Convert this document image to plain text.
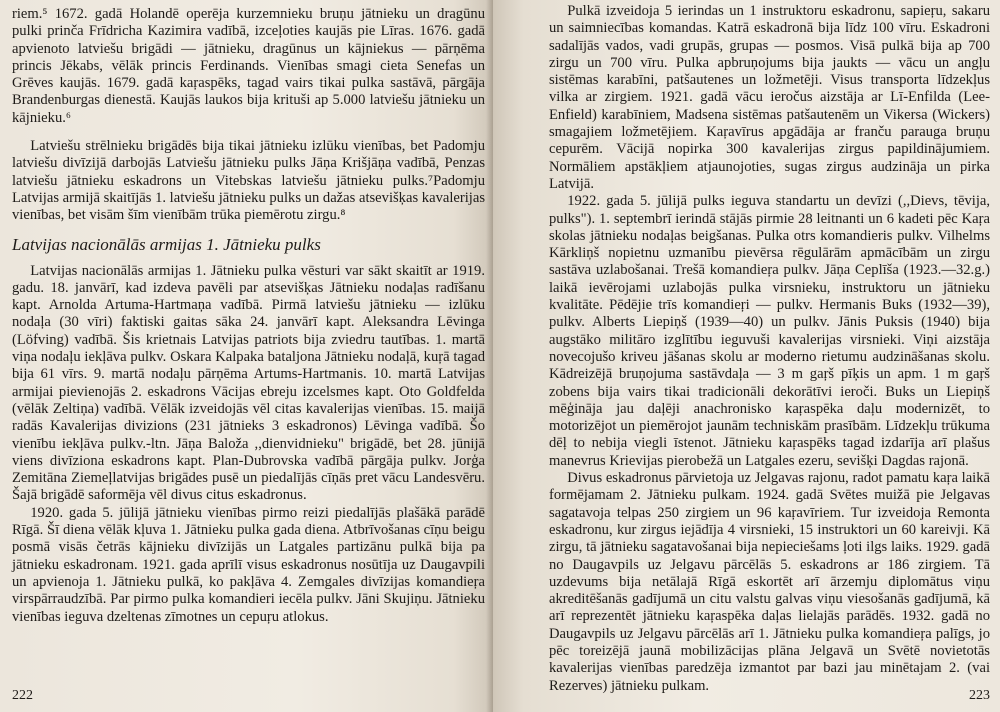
riem.⁵ 1672. gadā Holandē operēja kurzemnieku bruņu jātnieku un dragūnu pulki prinča Frīdricha Kazimira vadībā, izceļoties kaujās pie Līras. 1676. gadā apvienoto latviešu brigādi — jātnieku, dragūnus un kājniekus — pārņēma princis Jēkabs, vēlāk princis Ferdinands. Vienības smagi cieta Senefas un Grēves kaujās. 1679. gadā kaŗaspēks, tagad vairs tikai pulka sastāvā, pārgāja Brandenburgas dienestā. Kaujās laukos bija krituši ap 5.000 latviešu jātnieku un kājnieku.⁶

Latviešu strēlnieku brigādēs bija tikai jātnieku izlūku vienības, bet Padomju latviešu divīzijā darbojās Latviešu jātnieku pulks Jāņa Krišjāņa vadībā, Penzas latviešu jātnieku eskadrons un Vitebskas latviešu jātnieku pulks.⁷Padomju Latvijas armijā skaitījās 1. latviešu jātnieku pulks un dažas atsevišķas kavalerijas vienības, bet visām šīm vienībām trūka piemērotu zirgu.⁸

Latvijas nacionālās armijas 1. Jātnieku pulks

Latvijas nacionālās armijas 1. Jātnieku pulka vēsturi var sākt skaitīt ar 1919. gadu. 18. janvārī, kad izdeva pavēli par atsevišķas Jātnieku nodaļas radīšanu kapt. Arnolda Artuma-Hartmaņa vadībā. Pirmā latviešu jātnieku — izlūku nodaļa (30 vīri) faktiski gaitas sāka 24. janvārī kapt. Aleksandra Lēvinga (Löfving) vadībā. Šis krietnais Latvijas patriots bija zviedru tautības. 1. martā viņa nodaļu iekļāva pulkv. Oskara Kalpaka bataljona Jātnieku nodaļā, kuŗā tagad bija 61 vīrs. 9. martā nodaļu pārņēma Artums-Hartmanis. 10. martā Latvijas armijai pievienojās 2. eskadrons Vācijas ebreju izcelsmes kapt. Oto Goldfelda (vēlāk Zeltiņa) vadībā. Vēlāk izveidojās vēl citas kavalerijas vienības. 15. maijā radās Kavalerijas divizions (231 jātnieks 3 eskadronos) Lēvinga vadībā. Šo vienību iekļāva pulkv.-ltn. Jāņa Baloža ,,dienvidnieku" brigādē, bet 28. jūnijā viens divīziona eskadrons kapt. Plan-Dubrovska vadībā pārgāja pulkv. Jorģa Zemitāna Ziemeļlatvijas brigādes pusē un piedalījās cīņās pret vācu Landesvēru. Šajā brigādē saformēja vēl divus citus eskadronus.

1920. gada 5. jūlijā jātnieku vienības pirmo reizi piedalījās plašākā parādē Rīgā. Šī diena vēlāk kļuva 1. Jātnieku pulka gada diena. Atbrīvošanas cīņu beigu posmā visās četrās kājnieku divīzijās un Latgales partizānu pulkā bija pa jātnieku eskadronam. 1921. gada aprīlī visus eskadronus nosūtīja uz Daugavpili un apvienoja 1. Jātnieku pulkā, ko pakļāva 4. Zemgales divīzijas komandieŗa virspārraudzībā. Par pirmo pulka komandieri iecēla pulkv. Jāni Skujiņu. Jātnieku vienības ieguva dzeltenas zīmotnes un cepuŗu atlokus.

222

Pulkā izveidoja 5 ierindas un 1 instruktoru eskadronu, sapieŗu, sakaru un saimniecības komandas. Katrā eskadronā bija līdz 100 vīru. Eskadroni sadalījās vados, vadi grupās, grupas — posmos. Visā pulkā bija ap 700 zirgu un 700 vīru. Pulka apbruņojums bija jaukts — vācu un angļu sistēmas karabīni, patšautenes un ložmetēji. Visus transporta līdzekļus vilka ar zirgiem. 1921. gadā vācu ieročus aizstāja ar Lī-Enfilda (Lee-Enfield) karabīniem, Madsena sistēmas patšautenēm un Vikersa (Wickers) smagajiem ložmetējiem. Kaŗavīrus apgādāja ar franču parauga bruņu cepurēm. Vācijā nopirka 300 kavalerijas zirgus papildinājumiem. Normāliem apstākļiem atjaunojoties, sugas zirgus audzināja un pirka Latvijā.

1922. gada 5. jūlijā pulks ieguva standartu un devīzi (,,Dievs, tēvija, pulks"). 1. septembrī ierindā stājās pirmie 28 leitnanti un 6 kadeti pēc Kaŗa skolas jātnieku nodaļas beigšanas. Pulka otrs komandieris pulkv. Vilhelms Kārkliņš nopietnu uzmanību pievērsa rēgulārām apmācībām un zirgu sastāva uzlabošanai. Trešā komandieŗa pulkv. Jāņa Ceplīša (1923.—32.g.) laikā ievērojami uzlabojās pulka virsnieku, instruktoru un jātnieku kvalitāte. Pēdējie trīs komandieŗi — pulkv. Hermanis Buks (1932—39), pulkv. Alberts Liepiņš (1939—40) un pulkv. Jānis Puksis (1940) bija augstāko militāro izglītību ieguvuši kavalerijas virsnieki. Viņi aizstāja novecojušo kriveu jāšanas skolu ar moderno rietumu audzināšanas skolu. Kādreizējā bruņojuma sastāvdaļa — 3 m gaŗš pīķis un apm. 1 m gaŗš zobens bija vairs tikai tradicionāli dekorātīvi ieroči. Buks un Liepiņš mēģināja jau daļēji anachronisko kaŗaspēka daļu modernizēt, to motorizējot un piemērojot jaunām techniskām prasībām. Līdzekļu trūkuma dēļ to nebija viegli īstenot. Jātnieku kaŗaspēks tagad izdarīja arī plašus manevrus Krievijas pierobežā un Latgales ezeru, sevišķi Dagdas rajonā.

Divus eskadronus pārvietoja uz Jelgavas rajonu, radot pamatu kaŗa laikā formējamam 2. Jātnieku pulkam. 1924. gadā Svētes muižā pie Jelgavas sagatavoja telpas 250 zirgiem un 96 kaŗavīriem. Tur izveidoja Remonta eskadronu, kur zirgus iejādīja 4 virsnieki, 15 instruktori un 60 kareivji. Kā zirgu, tā jātnieku sagatavošanai bija nepieciešams ļoti ilgs laiks. 1929. gadā no Daugavpils uz Jelgavu pārcēlās 5. eskadrons ar 186 zirgiem. Tā uzdevums bija netālajā Rīgā eskortēt arī ārzemju diplomātus viņu akreditēšanās gadījumā un citu valstu galvas viņu viesošanās gadījumā, kā arī reprezentēt jātnieku kaŗaspēka daļas lielajās parādēs. 1932. gadā no Daugavpils uz Jelgavu pārcēlās arī 1. Jātnieku pulka komandieŗa palīgs, jo pēc toreizējā jaunā mobilizācijas plāna Jelgavā un Svētē novietotās kavalerijas vienības paredzēja izmantot par bazi jau minētajam 2. (vai Rezerves) jātnieku pulkam.

223
